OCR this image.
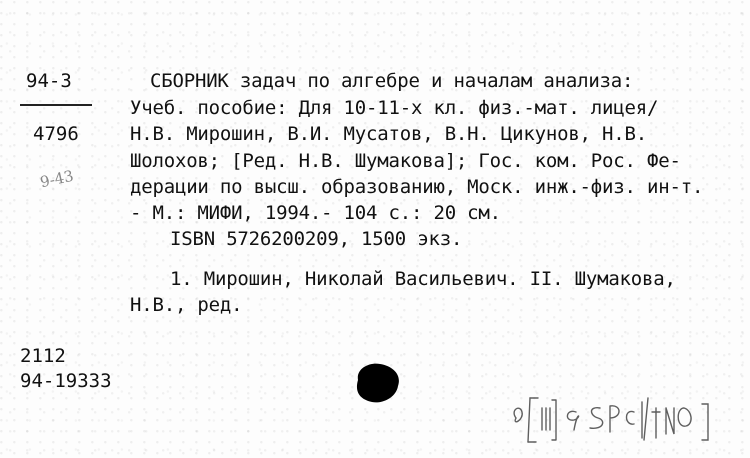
94-3
4796
9-43
СБОРНИК задач по алгебре и началам анализа:
Учеб. пособие: Для 10-11-х кл. физ.-мат. лицея/
Н.В. Мирошин, В.И. Мусатов, В.Н. Цикунов, Н.В.
Шолохов; [Ред. Н.В. Шумакова]; Гос. ком. Рос. Фе-
дерации по высш. образованию, Моск. инж.-физ. ин-т.
- М.: МИФИ, 1994.- 104 с.: 20 см.
ISBN 5726200209, 1500 экз.
1. Мирошин, Николай Васильевич. II. Шумакова,
Н.В., ред.
2112
94-19333
